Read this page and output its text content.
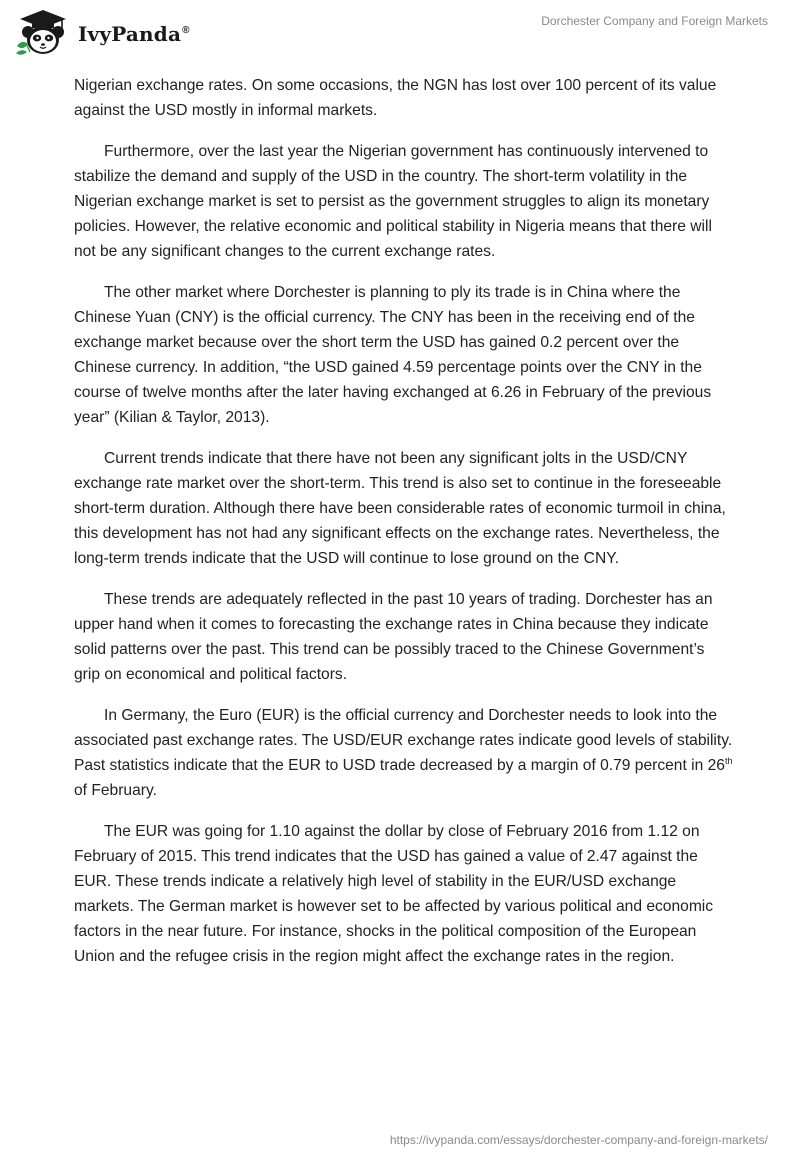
IvyPanda®
Dorchester Company and Foreign Markets

Nigerian exchange rates. On some occasions, the NGN has lost over 100 percent of its value against the USD mostly in informal markets.

Furthermore, over the last year the Nigerian government has continuously intervened to stabilize the demand and supply of the USD in the country. The short-term volatility in the Nigerian exchange market is set to persist as the government struggles to align its monetary policies. However, the relative economic and political stability in Nigeria means that there will not be any significant changes to the current exchange rates.

The other market where Dorchester is planning to ply its trade is in China where the Chinese Yuan (CNY) is the official currency. The CNY has been in the receiving end of the exchange market because over the short term the USD has gained 0.2 percent over the Chinese currency. In addition, “the USD gained 4.59 percentage points over the CNY in the course of twelve months after the later having exchanged at 6.26 in February of the previous year” (Kilian & Taylor, 2013).

Current trends indicate that there have not been any significant jolts in the USD/CNY exchange rate market over the short-term. This trend is also set to continue in the foreseeable short-term duration. Although there have been considerable rates of economic turmoil in china, this development has not had any significant effects on the exchange rates. Nevertheless, the long-term trends indicate that the USD will continue to lose ground on the CNY.

These trends are adequately reflected in the past 10 years of trading. Dorchester has an upper hand when it comes to forecasting the exchange rates in China because they indicate solid patterns over the past. This trend can be possibly traced to the Chinese Government’s grip on economical and political factors.

In Germany, the Euro (EUR) is the official currency and Dorchester needs to look into the associated past exchange rates. The USD/EUR exchange rates indicate good levels of stability. Past statistics indicate that the EUR to USD trade decreased by a margin of 0.79 percent in 26th of February.

The EUR was going for 1.10 against the dollar by close of February 2016 from 1.12 on February of 2015. This trend indicates that the USD has gained a value of 2.47 against the EUR. These trends indicate a relatively high level of stability in the EUR/USD exchange markets. The German market is however set to be affected by various political and economic factors in the near future. For instance, shocks in the political composition of the European Union and the refugee crisis in the region might affect the exchange rates in the region.

https://ivypanda.com/essays/dorchester-company-and-foreign-markets/
